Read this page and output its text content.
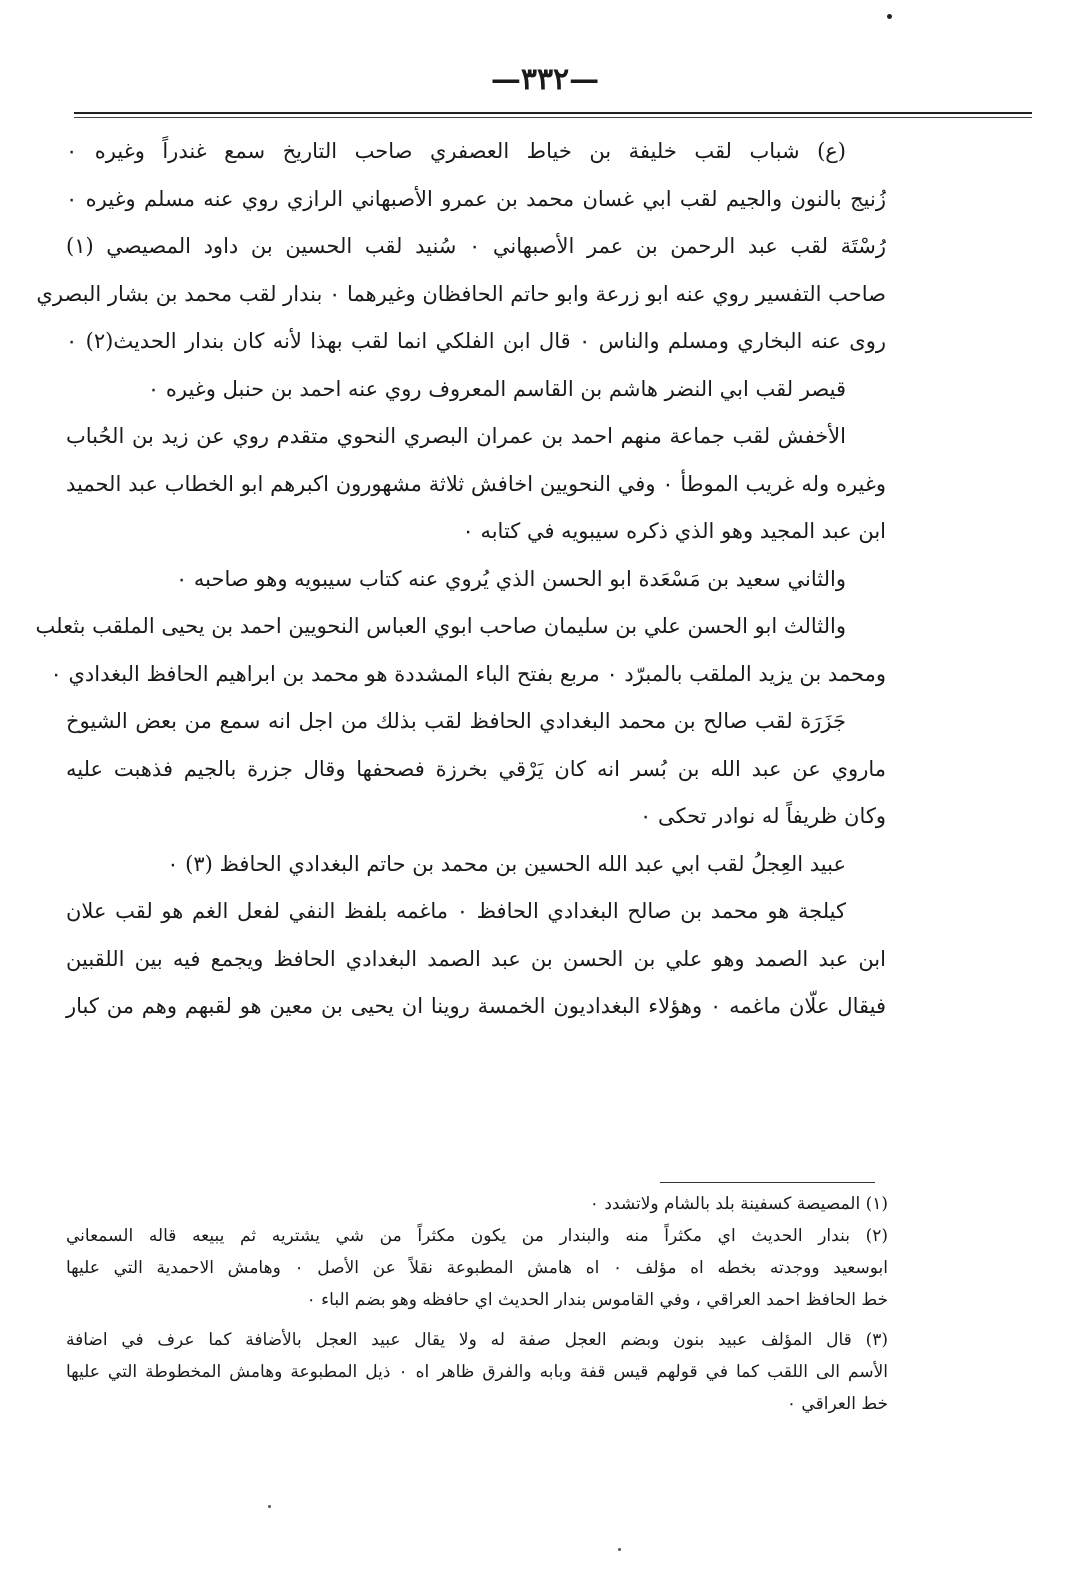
—٣٣٢—
(ع) شباب لقب خليفة بن خياط العصفري صاحب التاريخ سمع غندراً وغيره ٠
زُنيج بالنون والجيم لقب ابي غسان محمد بن عمرو الأصبهاني الرازي روي عنه مسلم وغيره ٠
رُسْتَة لقب عبد الرحمن بن عمر الأصبهاني ٠ سُنيد لقب الحسين بن داود المصيصي (١)
صاحب التفسير روي عنه ابو زرعة وابو حاتم الحافظان وغيرهما ٠ بندار لقب محمد بن بشار البصري
روى عنه البخاري ومسلم والناس ٠ قال ابن الفلكي انما لقب بهذا لأنه كان بندار الحديث(٢) ٠
قيصر لقب ابي النضر هاشم بن القاسم المعروف روي عنه احمد بن حنبل وغيره ٠
الأخفش لقب جماعة منهم احمد بن عمران البصري النحوي متقدم روي عن زيد بن الحُباب
وغيره وله غريب الموطأ ٠ وفي النحويين اخافش ثلاثة مشهورون اكبرهم ابو الخطاب عبد الحميد
ابن عبد المجيد وهو الذي ذكره سيبويه في كتابه ٠
والثاني سعيد بن مَسْعَدة ابو الحسن الذي يُروي عنه كتاب سيبويه وهو صاحبه ٠
والثالث ابو الحسن علي بن سليمان صاحب ابوي العباس النحويين احمد بن يحيى الملقب بثعلب
ومحمد بن يزيد الملقب بالمبرّد ٠ مربع بفتح الباء المشددة هو محمد بن ابراهيم الحافظ البغدادي ٠
جَزَرَة لقب صالح بن محمد البغدادي الحافظ لقب بذلك من اجل انه سمع من بعض الشيوخ
ماروي عن عبد الله بن بُسر انه كان يَرْقي بخرزة فصحفها وقال جزرة بالجيم فذهبت عليه
وكان ظريفاً له نوادر تحكى ٠
عبيد العِجلُ لقب ابي عبد الله الحسين بن محمد بن حاتم البغدادي الحافظ (٣) ٠
كيلجة هو محمد بن صالح البغدادي الحافظ ٠ ماغمه بلفظ النفي لفعل الغم هو لقب علان
ابن عبد الصمد وهو علي بن الحسن بن عبد الصمد البغدادي الحافظ ويجمع فيه بين اللقبين
فيقال علّان ماغمه ٠ وهؤلاء البغداديون الخمسة روينا ان يحيى بن معين هو لقبهم وهم من كبار
(١) المصيصة كسفينة بلد بالشام ولاتشدد ٠
(٢) بندار الحديث اي مكثراً منه والبندار من يكون مكثراً من شي يشتريه ثم يبيعه قاله السمعاني
ابوسعيد ووجدته بخطه اه مؤلف ٠ اه هامش المطبوعة نقلاً عن الأصل ٠ وهامش الاحمدية التي عليها
خط الحافظ احمد العراقي ، وفي القاموس بندار الحديث اي حافظه وهو بضم الباء ٠
(٣) قال المؤلف عبيد بنون وبضم العجل صفة له ولا يقال عبيد العجل بالأضافة كما عرف في اضافة
الأسم الى اللقب كما في قولهم قيس قفة وبابه والفرق ظاهر اه ٠ ذيل المطبوعة وهامش المخطوطة التي عليها
خط العراقي ٠
